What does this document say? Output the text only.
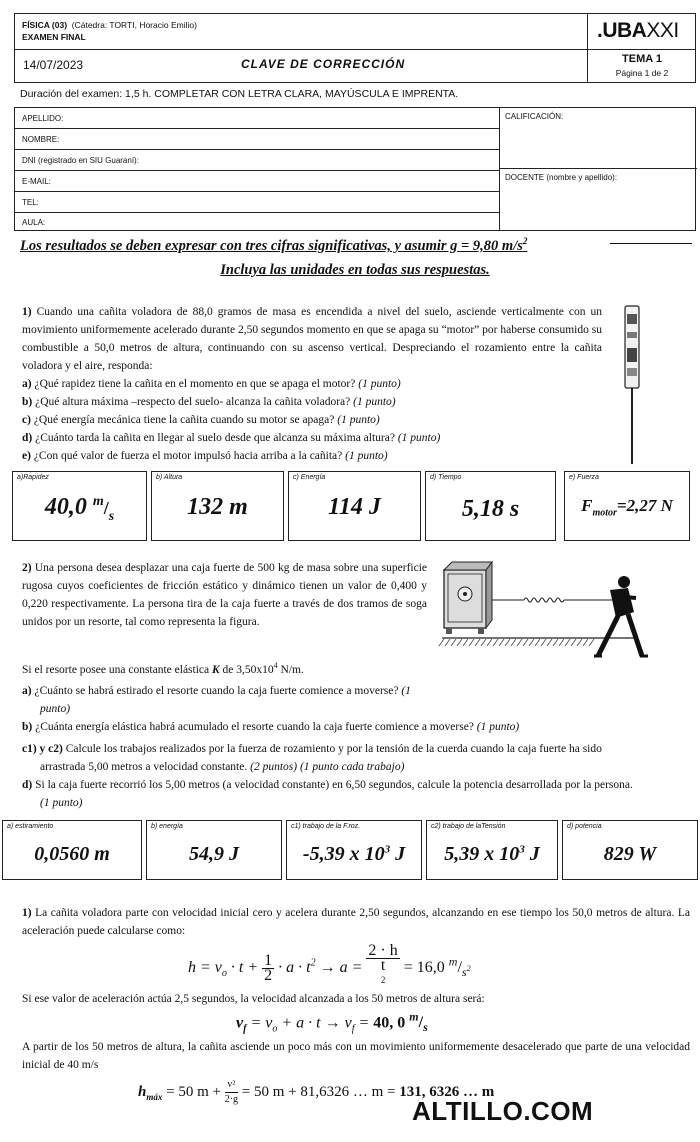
FÍSICA (03) (Cátedra: TORTI, Horacio Emilio)
EXAMEN FINAL	.UBAXXI
14/07/2023	CLAVE DE CORRECCIÓN	TEMA 1
Página 1 de 2
Duración del examen: 1,5 h. COMPLETAR CON LETRA CLARA, MAYÚSCULA E IMPRENTA.
APELLIDO:
NOMBRE:
DNI (registrado en SIU Guaraní):
E-MAIL:
TEL:
AULA:
CALIFICACIÓN:
DOCENTE (nombre y apellido):
Los resultados se deben expresar con tres cifras significativas, y asumir g = 9,80 $m/s^2$
Incluya las unidades en todas sus respuestas.
1) Cuando una cañita voladora de 88,0 gramos de masa es encendida a nivel del suelo, asciende verticalmente con un movimiento uniformemente acelerado durante 2,50 segundos momento en que se apaga su “motor” por haberse consumido su combustible a 50,0 metros de altura, continuando con su ascenso vertical. Despreciando el rozamiento entre la cañita voladora y el aire, responda:
a) ¿Qué rapidez tiene la cañita en el momento en que se apaga el motor? (1 punto)
b) ¿Qué altura máxima –respecto del suelo- alcanza la cañita voladora? (1 punto)
c) ¿Qué energía mecánica tiene la cañita cuando su motor se apaga? (1 punto)
d) ¿Cuánto tarda la cañita en llegar al suelo desde que alcanza su máxima altura? (1 punto)
e) ¿Con qué valor de fuerza el motor impulsó hacia arriba a la cañita? (1 punto)
a)Rapidez
40,0 $^m/_s$
b) Altura
132 m
c) Energía
114 J
d) Tiempo
5,18 s
e) Fuerza
$F_{motor}=2,27$ N
2) Una persona desea desplazar una caja fuerte de 500 kg de masa sobre una superficie rugosa cuyos coeficientes de fricción estático y dinámico tienen un valor de 0,400 y 0,220 respectivamente. La persona tira de la caja fuerte a través de dos tramos de soga unidos por un resorte, tal como representa la figura.
Si el resorte posee una constante elástica K de $3,50x10^4$ N/m.
a) ¿Cuánto se habrá estirado el resorte cuando la caja fuerte comience a moverse? (1 punto)
b) ¿Cuánta energía elástica habrá acumulado el resorte cuando la caja fuerte comience a moverse? (1 punto)
c1) y c2) Calcule los trabajos realizados por la fuerza de rozamiento y por la tensión de la cuerda cuando la caja fuerte ha sido arrastrada 5,00 metros a velocidad constante. (2 puntos) (1 punto cada trabajo)
d) Si la caja fuerte recorrió los 5,00 metros (a velocidad constante) en 6,50 segundos, calcule la potencia desarrollada por la persona. (1 punto)
a) estiramiento
0,0560 m
b) energía
54,9 J
c1) trabajo de la F.roz.
-5,39 x $10^3$ J
c2) trabajo de laTensión
5,39 x $10^3$ J
d) potencia
829 W
1) La cañita voladora parte con velocidad inicial cero y acelera durante 2,50 segundos, alcanzando en ese tiempo los 50,0 metros de altura. La aceleración puede calcularse como:
$h = v_o \cdot t + \frac{1}{2} \cdot a \cdot t^2 \to a = 2 \cdot h$
t
$^2$ = 16,0 $^m/_{s^2}$
Si ese valor de aceleración actúa 2,5 segundos, la velocidad alcanzada a los 50 metros de altura será:
$v_f = v_o + a \cdot t \to v_f = 40$, 0 $^m/_s$
A partir de los 50 metros de altura, la cañita asciende un poco más con un movimiento uniformemente desacelerado que parte de una velocidad inicial de 40 m/s
$h_{máx} = 50$ $m + \frac{\text{v²}}{2\cdot g} = 50$ m + 81,6326 … m = 131, 6326 … m
ALTILLO.COM
